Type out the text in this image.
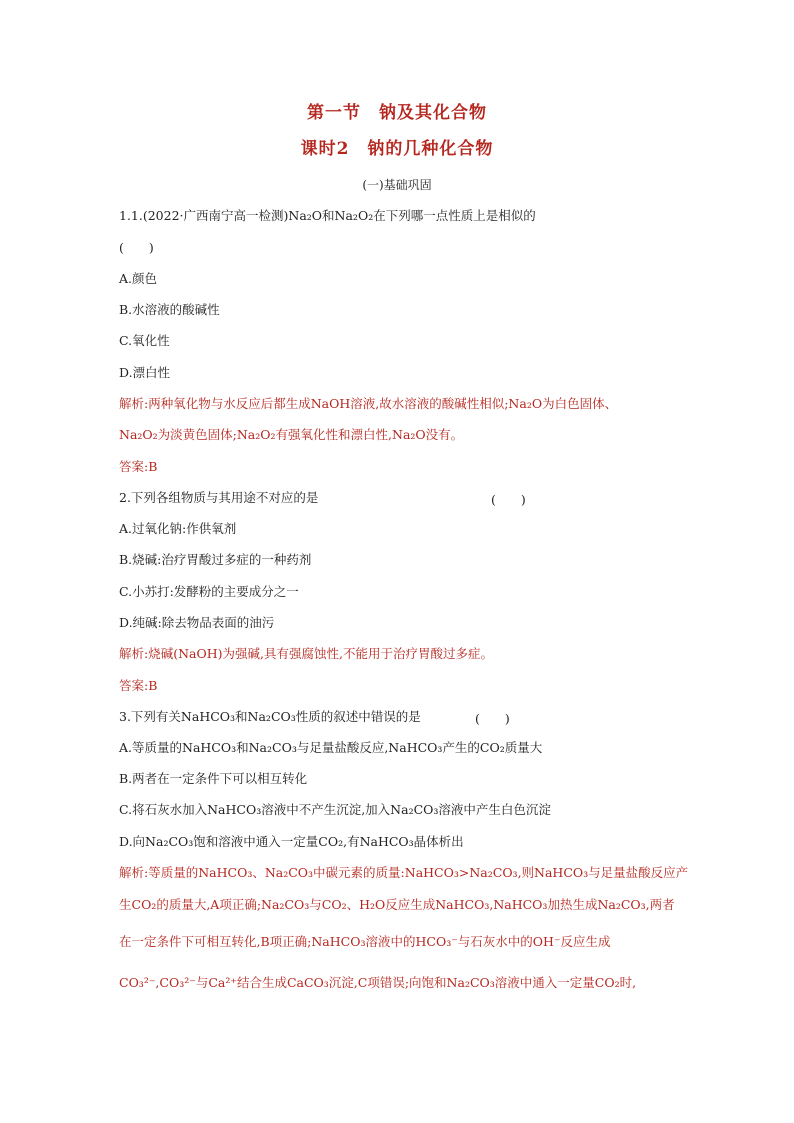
第一节　钠及其化合物
课时2　钠的几种化合物
(一)基础巩固
1.1.(2022·广西南宁高一检测)Na₂O和Na₂O₂在下列哪一点性质上是相似的
(　　)
A.颜色
B.水溶液的酸碱性
C.氧化性
D.漂白性
解析:两种氧化物与水反应后都生成NaOH溶液,故水溶液的酸碱性相似;Na₂O为白色固体、
Na₂O₂为淡黄色固体;Na₂O₂有强氧化性和漂白性,Na₂O没有。
答案:B
2.下列各组物质与其用途不对应的是	(　　)
A.过氧化钠:作供氧剂
B.烧碱:治疗胃酸过多症的一种药剂
C.小苏打:发酵粉的主要成分之一
D.纯碱:除去物品表面的油污
解析:烧碱(NaOH)为强碱,具有强腐蚀性,不能用于治疗胃酸过多症。
答案:B
3.下列有关NaHCO₃和Na₂CO₃性质的叙述中错误的是	(　　)
A.等质量的NaHCO₃和Na₂CO₃与足量盐酸反应,NaHCO₃产生的CO₂质量大
B.两者在一定条件下可以相互转化
C.将石灰水加入NaHCO₃溶液中不产生沉淀,加入Na₂CO₃溶液中产生白色沉淀
D.向Na₂CO₃饱和溶液中通入一定量CO₂,有NaHCO₃晶体析出
解析:等质量的NaHCO₃、Na₂CO₃中碳元素的质量:NaHCO₃>Na₂CO₃,则NaHCO₃与足量盐酸反应产
生CO₂的质量大,A项正确;Na₂CO₃与CO₂、H₂O反应生成NaHCO₃,NaHCO₃加热生成Na₂CO₃,两者
在一定条件下可相互转化,B项正确;NaHCO₃溶液中的HCO₃⁻与石灰水中的OH⁻反应生成
CO₃²⁻,CO₃²⁻与Ca²⁺结合生成CaCO₃沉淀,C项错误;向饱和Na₂CO₃溶液中通入一定量CO₂时,
